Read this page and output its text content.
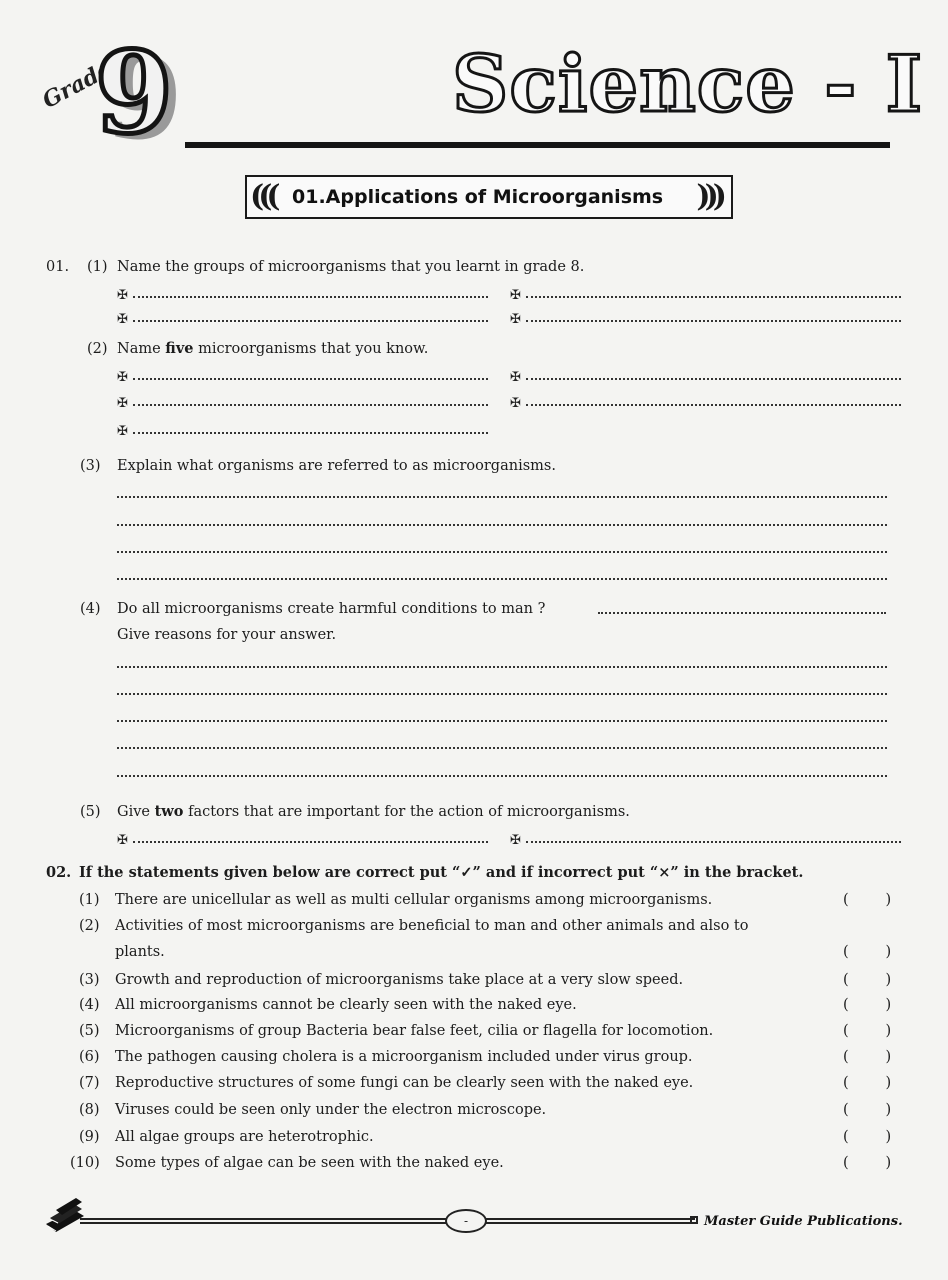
Grade
9	Science - I
((( 01.Applications of Microorganisms	)))
01. (1) Name the groups of microorganisms that you learnt in grade 8.
(2) Name five microorganisms that you know.
(3) Explain what organisms are referred to as microorganisms.
(4) Do all microorganisms create harmful conditions to man ?
Give reasons for your answer.
(5) Give two factors that are important for the action of microorganisms.
02. If the statements given below are correct put “✓” and if incorrect put “×” in the bracket.
-	Master Guide Publications.
✠	✠
✠	✠
✠	✠
✠	✠
✠
✠	✠
(1) There are unicellular as well as multi cellular organisms among microorganisms.	(        )
(2) Activities of most microorganisms are beneficial to man and other animals and also to
plants.	(        )
(3) Growth and reproduction of microorganisms take place at a very slow speed.	(        )
(4) All microorganisms cannot be clearly seen with the naked eye.	(        )
(5) Microorganisms of group Bacteria bear false feet, cilia or flagella for locomotion.	(        )
(6) The pathogen causing cholera is a microorganism included under virus group.	(        )
(7) Reproductive structures of some fungi can be clearly seen with the naked eye.	(        )
(8) Viruses could be seen only under the electron microscope.	(        )
(9) All algae groups are heterotrophic.	(        )
(10) Some types of algae can be seen with the naked eye.	(        )
